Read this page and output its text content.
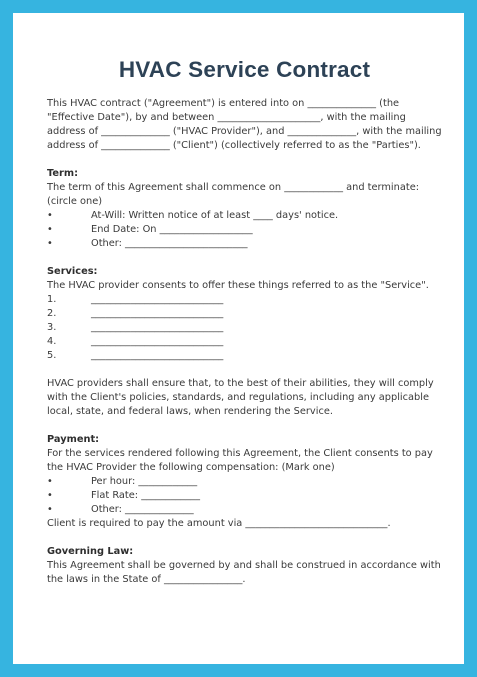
HVAC Service Contract

This HVAC contract ("Agreement") is entered into on ______________ (the "Effective Date"), by and between _____________________, with the mailing address of ______________ ("HVAC Provider"), and ______________, with the mailing address of ______________ ("Client") (collectively referred to as the "Parties").

Term:

The term of this Agreement shall commence on ____________ and terminate: (circle one)

•	At-Will: Written notice of at least ____ days' notice.
•	End Date: On ___________________
•	Other: _________________________

Services:

The HVAC provider consents to offer these things referred to as the "Service".

1.	___________________________
2.	___________________________
3.	___________________________
4.	___________________________
5.	___________________________

HVAC providers shall ensure that, to the best of their abilities, they will comply with the Client's policies, standards, and regulations, including any applicable local, state, and federal laws, when rendering the Service.

Payment:

For the services rendered following this Agreement, the Client consents to pay the HVAC Provider the following compensation: (Mark one)

•	Per hour: ____________
•	Flat Rate: ____________
•	Other: ______________

Client is required to pay the amount via _____________________________.

Governing Law:

This Agreement shall be governed by and shall be construed in accordance with the laws in the State of ________________.
